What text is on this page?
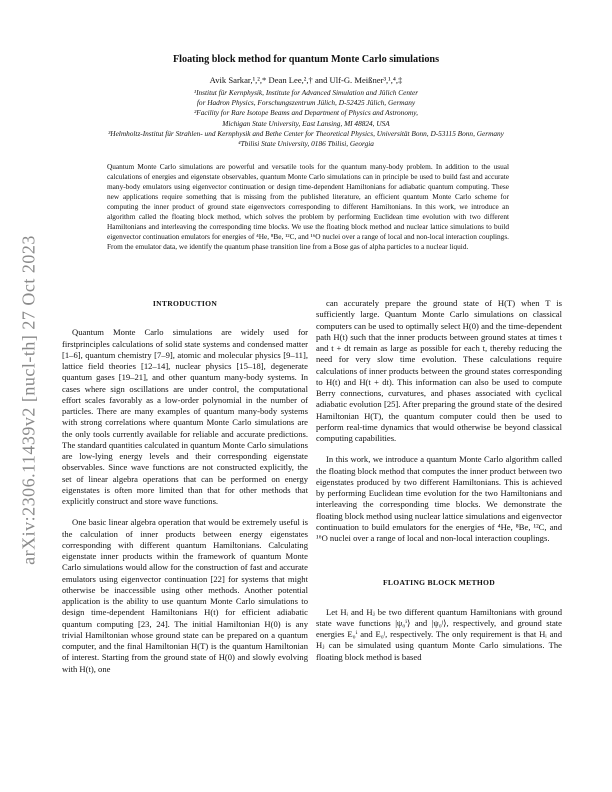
arXiv:2306.11439v2 [nucl-th] 27 Oct 2023
Floating block method for quantum Monte Carlo simulations
Avik Sarkar,¹,²,* Dean Lee,²,† and Ulf-G. Meißner³,¹,⁴,‡
¹Institut für Kernphysik, Institute for Advanced Simulation and Jülich Center
for Hadron Physics, Forschungszentrum Jülich, D-52425 Jülich, Germany
²Facility for Rare Isotope Beams and Department of Physics and Astronomy,
Michigan State University, East Lansing, MI 48824, USA
³Helmholtz-Institut für Strahlen- und Kernphysik and Bethe Center for Theoretical Physics, Universität Bonn, D-53115 Bonn, Germany
⁴Tbilisi State University, 0186 Tbilisi, Georgia
Quantum Monte Carlo simulations are powerful and versatile tools for the quantum many-body problem. In addition to the usual calculations of energies and eigenstate observables, quantum Monte Carlo simulations can in principle be used to build fast and accurate many-body emulators using eigenvector continuation or design time-dependent Hamiltonians for adiabatic quantum computing. These new applications require something that is missing from the published literature, an efficient quantum Monte Carlo scheme for computing the inner product of ground state eigenvectors corresponding to different Hamiltonians. In this work, we introduce an algorithm called the floating block method, which solves the problem by performing Euclidean time evolution with two different Hamiltonians and interleaving the corresponding time blocks. We use the floating block method and nuclear lattice simulations to build eigenvector continuation emulators for energies of ⁴He, ⁸Be, ¹²C, and ¹⁶O nuclei over a range of local and non-local interaction couplings. From the emulator data, we identify the quantum phase transition line from a Bose gas of alpha particles to a nuclear liquid.

INTRODUCTION

Quantum Monte Carlo simulations are widely used for firstprinciples calculations of solid state systems and condensed matter [1–6], quantum chemistry [7–9], atomic and molecular physics [9–11], lattice field theories [12–14], nuclear physics [15–18], degenerate quantum gases [19–21], and other quantum many-body systems. In cases where sign oscillations are under control, the computational effort scales favorably as a low-order polynomial in the number of particles. There are many examples of quantum many-body systems with strong correlations where quantum Monte Carlo simulations are the only tools currently available for reliable and accurate predictions. The standard quantities calculated in quantum Monte Carlo simulations are low-lying energy levels and their corresponding eigenstate observables. Since wave functions are not constructed explicitly, the set of linear algebra operations that can be performed on energy eigenstates is often more limited than that for other methods that explicitly construct and store wave functions.

One basic linear algebra operation that would be extremely useful is the calculation of inner products between energy eigenstates corresponding with different quantum Hamiltonians. Calculating eigenstate inner products within the framework of quantum Monte Carlo simulations would allow for the construction of fast and accurate emulators using eigenvector continuation [22] for systems that might otherwise be inaccessible using other methods. Another potential application is the ability to use quantum Monte Carlo simulations to design time-dependent Hamiltonians H(t) for efficient adiabatic quantum computing [23, 24]. The initial Hamiltonian H(0) is any trivial Hamiltonian whose ground state can be prepared on a quantum computer, and the final Hamiltonian H(T) is the quantum Hamiltonian of interest. Starting from the ground state of H(0) and slowly evolving with H(t), one

can accurately prepare the ground state of H(T) when T is sufficiently large. Quantum Monte Carlo simulations on classical computers can be used to optimally select H(0) and the time-dependent path H(t) such that the inner products between ground states at times t and t + dt remain as large as possible for each t, thereby reducing the need for very slow time evolution. These calculations require calculations of inner products between the ground states corresponding to H(t) and H(t + dt). This information can also be used to compute Berry connections, curvatures, and phases associated with cyclical adiabatic evolution [25]. After preparing the ground state of the desired Hamiltonian H(T), the quantum computer could then be used to perform real-time dynamics that would otherwise be beyond classical computing capabilities.

In this work, we introduce a quantum Monte Carlo algorithm called the floating block method that computes the inner product between two eigenstates produced by two different Hamiltonians. This is achieved by performing Euclidean time evolution for the two Hamiltonians and interleaving the corresponding time blocks. We demonstrate the floating block method using nuclear lattice simulations and eigenvector continuation to build emulators for the energies of ⁴He, ⁸Be, ¹²C, and ¹⁶O nuclei over a range of local and non-local interaction couplings.

FLOATING BLOCK METHOD

Let Hᵢ and Hⱼ be two different quantum Hamiltonians with ground state wave functions |ψ₀ⁱ⟩ and |ψ₀ʲ⟩, respectively, and ground state energies E₀ⁱ and E₀ʲ, respectively. The only requirement is that Hᵢ and Hⱼ can be simulated using quantum Monte Carlo simulations. The floating block method is based
